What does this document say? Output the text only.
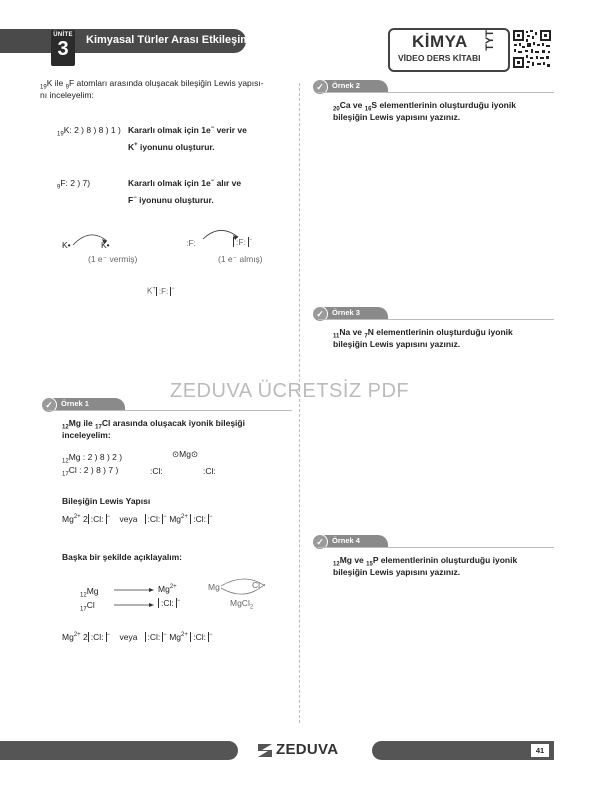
ÜNİTE
3	Kimyasal Türler Arası Etkileşimler	KİMYA
VİDEO DERS KİTABI
TYT
$_{19}$K ile $_9$F atomları arasında oluşacak bileşiğin Lewis yapısı-
nı inceleyelim:
$_{19}$K: 2 ) 8 ) 8 ) 1 ) Kararlı olmak için 1e− verir ve
K+ iyonunu oluşturur.
$_9$F: 2 ) 7)	Kararlı olmak için 1e− alır ve
F− iyonunu oluşturur.
K•	K•
(1 e⁻ vermiş)
:F:	:F: −
(1 e⁻ almış)
K+ :F: −
ZEDUVA ÜCRETSİZ PDF
✓	Örnek 1
$_{12}$Mg ile $_{17}$Cl arasında oluşacak iyonik bileşiği
inceleyelim:
$_{12}$Mg : 2 ) 8 ) 2 )
$_{17}$Cl : 2 ) 8 ) 7 )
⊙Mg⊙
:Cl:	:Cl:
Bileşiğin Lewis Yapısı
$Mg^{2+}$ 2 :Cl: − veya :Cl: − $Mg^{2+}$ :Cl: −
Başka bir şekilde açıklayalım:
$_{12}$Mg
$_{17}$Cl
$Mg^{2+}$
:Cl: −
Mg	Cl
MgCl$_2$
$Mg^{2+}$ 2 :Cl: − veya :Cl: − $Mg^{2+}$ :Cl: −
✓	Örnek 2
$_{20}$Ca ve $_{16}$S elementlerinin oluşturduğu iyonik
bileşiğin Lewis yapısını yazınız.
✓	Örnek 3
$_{11}$Na ve $_7$N elementlerinin oluşturduğu iyonik
bileşiğin Lewis yapısını yazınız.
✓	Örnek 4
$_{12}$Mg ve $_{15}$P elementlerinin oluşturduğu iyonik
bileşiğin Lewis yapısını yazınız.
ZEDUVA	41
